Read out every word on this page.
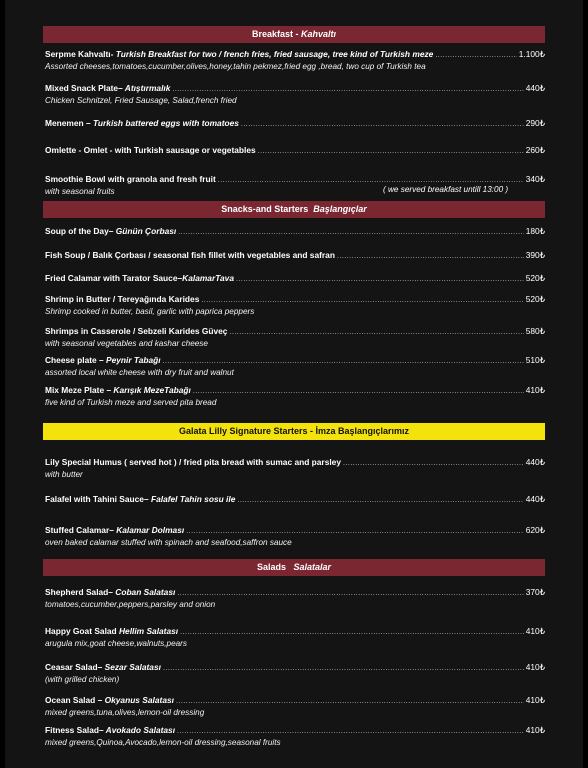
Breakfast - Kahvaltı
Serpme Kahvaltı- Turkish Breakfast for two / french fries, fried sausage, tree kind of Turkish meze .....	1.100₺
Assorted cheeses,tomatoes,cucumber,olives,honey,tahin pekmez,fried egg ,bread, two cup of Turkish tea
Mixed Snack Plate– Atıştırmalık .....	440₺
Chicken Schnitzel, Fried Sausage, Salad,french fried
Menemen – Turkish battered eggs with tomatoes .....	290₺
Omlette - Omlet - with Turkish sausage or vegetables .....	260₺
Smoothie Bowl with granola and fresh fruit .....	340₺
with seasonal fruits	( we served breakfast untill 13:00 )
Snacks-and Starters Başlangıçlar
Soup of the Day– Günün Çorbası .....	180₺
Fish Soup / Balık Çorbası / seasonal fish fillet with vegetables and safran .....	390₺
Fried Calamar with Tarator Sauce–KalamarTava .....	520₺
Shrimp in Butter / Tereyağında Karides .....	520₺
Shrimp cooked in butter, basil, garlic with paprica peppers
Shrimps in Casserole / Sebzeli Karides Güveç .....	580₺
with seasonal vegetables and kashar cheese
Cheese plate – Peynir Tabağı .....	510₺
assorted local white cheese with dry fruit and walnut
Mix Meze Plate – Karışık MezeTabağı .....	410₺
five kind of Turkish meze and served pita bread
Galata Lilly Signature Starters - İmza Başlangıçlarımız
Lily Special Humus ( served hot ) / fried pita bread with sumac and parsley .....	440₺
with butter
Falafel with Tahini Sauce– Falafel Tahin sosu ile .....	440₺
Stuffed Calamar– Kalamar Dolması .....	620₺
oven baked calamar stuffed with spinach and seafood,saffron sauce
Salads Salatalar
Shepherd Salad– Coban Salatası .....	370₺
tomatoes,cucumber,peppers,parsley and onion
Happy Goat Salad Hellim Salatası .....	410₺
arugula mix,goat cheese,walnuts,pears
Ceasar Salad– Sezar Salatası .....	410₺
(with grilled chicken)
Ocean Salad – Okyanus Salatası .....	410₺
mixed greens,tuna,olives,lemon-oil dressing
Fitness Salad– Avokado Salatası .....	410₺
mixed greens,Quinoa,Avocado,lemon-oil dressing,seasonal fruits
